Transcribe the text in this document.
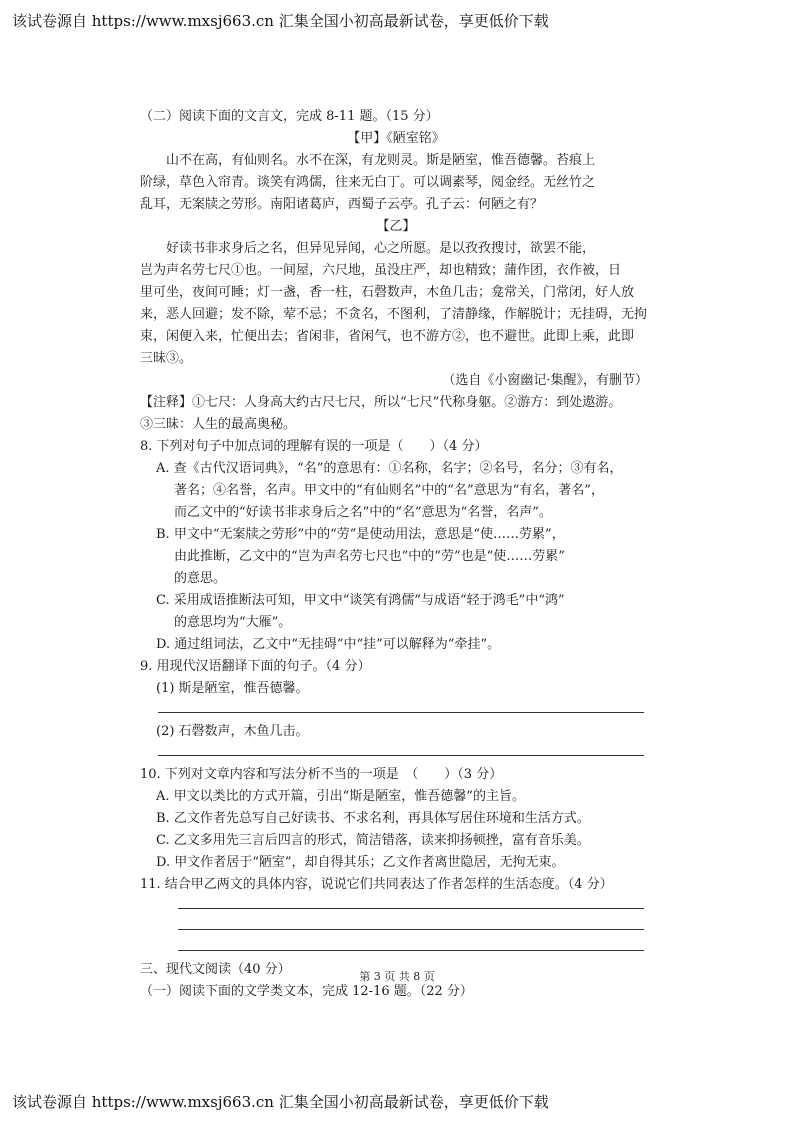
该试卷源自 https://www.mxsj663.cn 汇集全国小初高最新试卷，享更低价下载
（二）阅读下面的文言文，完成 8-11 题。（15 分）
【甲】《陋室铭》
山不在高，有仙则名。水不在深，有龙则灵。斯是陋室，惟吾德馨。苔痕上
阶绿，草色入帘青。谈笑有鸿儒，往来无白丁。可以调素琴，阅金经。无丝竹之
乱耳，无案牍之劳形。南阳诸葛庐，西蜀子云亭。孔子云：何陋之有？
【乙】
好读书非求身后之名，但异见异闻，心之所愿。是以孜孜搜讨，欲罢不能，
岂为声名劳七尺①也。一间屋，六尺地，虽没庄严，却也精致；蒲作团，衣作被，日
里可坐，夜间可睡；灯一盏，香一柱，石磬数声，木鱼几击；龛常关，门常闭，好人放
来，恶人回避；发不除，荤不忌；不贪名，不图利，了清静缘，作解脱计；无挂碍，无拘
束，闲便入来，忙便出去；省闲非，省闲气，也不游方②，也不避世。此即上乘，此即
三昧③。
（选自《小窗幽记·集醒》，有删节）
【注释】①七尺：人身高大约古尺七尺，所以“七尺”代称身躯。②游方：到处遨游。
③三昧：人生的最高奥秘。
8. 下列对句子中加点词的理解有误的一项是（　　）（4 分）
A. 查《古代汉语词典》，“名”的意思有：①名称，名字；②名号，名分；③有名，
著名；④名誉，名声。甲文中的“有仙则名”中的“名”意思为“有名，著名”，
而乙文中的“好读书非求身后之名”中的“名”意思为“名誉，名声”。
B. 甲文中“无案牍之劳形”中的“劳”是使动用法，意思是“使……劳累”，
由此推断，乙文中的“岂为声名劳七尺也”中的“劳”也是“使……劳累”
的意思。
C. 采用成语推断法可知，甲文中“谈笑有鸿儒”与成语“轻于鸿毛”中“鸿”
的意思均为“大雁”。
D. 通过组词法，乙文中“无挂碍”中“挂”可以解释为“牵挂”。
9. 用现代汉语翻译下面的句子。（4 分）
(1) 斯是陋室，惟吾德馨。
(2) 石磬数声，木鱼几击。
10. 下列对文章内容和写法分析不当的一项是　（　　）（3 分）
A. 甲文以类比的方式开篇，引出“斯是陋室，惟吾德馨”的主旨。
B. 乙文作者先总写自己好读书、不求名利，再具体写居住环境和生活方式。
C. 乙文多用先三言后四言的形式，简洁错落，读来抑扬顿挫，富有音乐美。
D. 甲文作者居于“陋室”，却自得其乐；乙文作者离世隐居，无拘无束。
11. 结合甲乙两文的具体内容，说说它们共同表达了作者怎样的生活态度。（4 分）
三、现代文阅读（40 分）
（一）阅读下面的文学类文本，完成 12-16 题。（22 分）
第 3 页 共 8 页
该试卷源自 https://www.mxsj663.cn 汇集全国小初高最新试卷，享更低价下载
